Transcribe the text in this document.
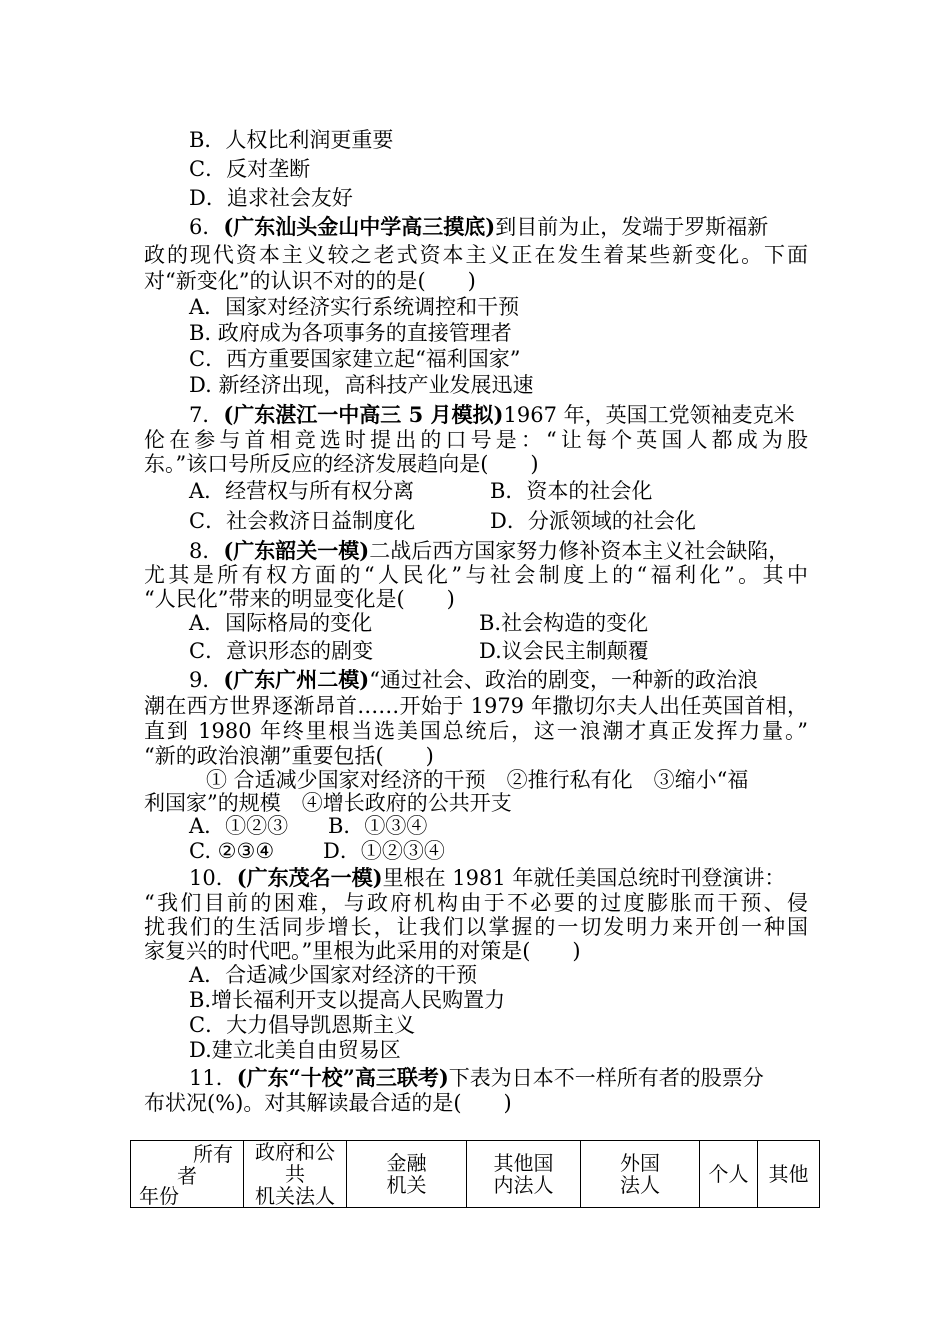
B．人权比利润更重要
C．反对垄断
D．追求社会友好
6．(广东汕头金山中学高三摸底)到目前为止，发端于罗斯福新
政的现代资本主义较之老式资本主义正在发生着某些新变化。下面
对“新变化”的认识不对的的是(　　)
A．国家对经济实行系统调控和干预
B. 政府成为各项事务的直接管理者
C．西方重要国家建立起“福利国家”
D. 新经济出现，高科技产业发展迅速
7．(广东湛江一中高三 5 月模拟)1967 年，英国工党领袖麦克米
伦在参与首相竞选时提出的口号是：“让每个英国人都成为股
东。”该口号所反应的经济发展趋向是(　　)
A．经营权与所有权分离	B．资本的社会化
C．社会救济日益制度化	D．分派领域的社会化
8．(广东韶关一模)二战后西方国家努力修补资本主义社会缺陷，
尤其是所有权方面的“人民化”与社会制度上的“福利化”。其中
“人民化”带来的明显变化是(　　)
A．国际格局的变化	B.社会构造的变化
C．意识形态的剧变	D.议会民主制颠覆
9．(广东广州二模)“通过社会、政治的剧变，一种新的政治浪
潮在西方世界逐渐昂首……开始于 1979 年撒切尔夫人出任英国首相，
直到 1980 年终里根当选美国总统后，这一浪潮才真正发挥力量。”
“新的政治浪潮”重要包括(　　)
① 合适减少国家对经济的干预　②推行私有化　③缩小“福
利国家”的规模　④增长政府的公共开支
A．①②③	B．①③④
C. ②③④	D．①②③④
10．(广东茂名一模)里根在 1981 年就任美国总统时刊登演讲：
“我们目前的困难，与政府机构由于不必要的过度膨胀而干预、侵
扰我们的生活同步增长，让我们以掌握的一切发明力来开创一种国
家复兴的时代吧。”里根为此采用的对策是(　　)
A．合适减少国家对经济的干预
B.增长福利开支以提高人民购置力
C．大力倡导凯恩斯主义
D.建立北美自由贸易区
11．(广东“十校”高三联考)下表为日本不一样所有者的股票分
布状况(%)。对其解读最合适的是(　　)
所有
者
年份
	政府和公
共
机关法人	金融
机关	其他国
内法人	外国
法人	个人	其他
